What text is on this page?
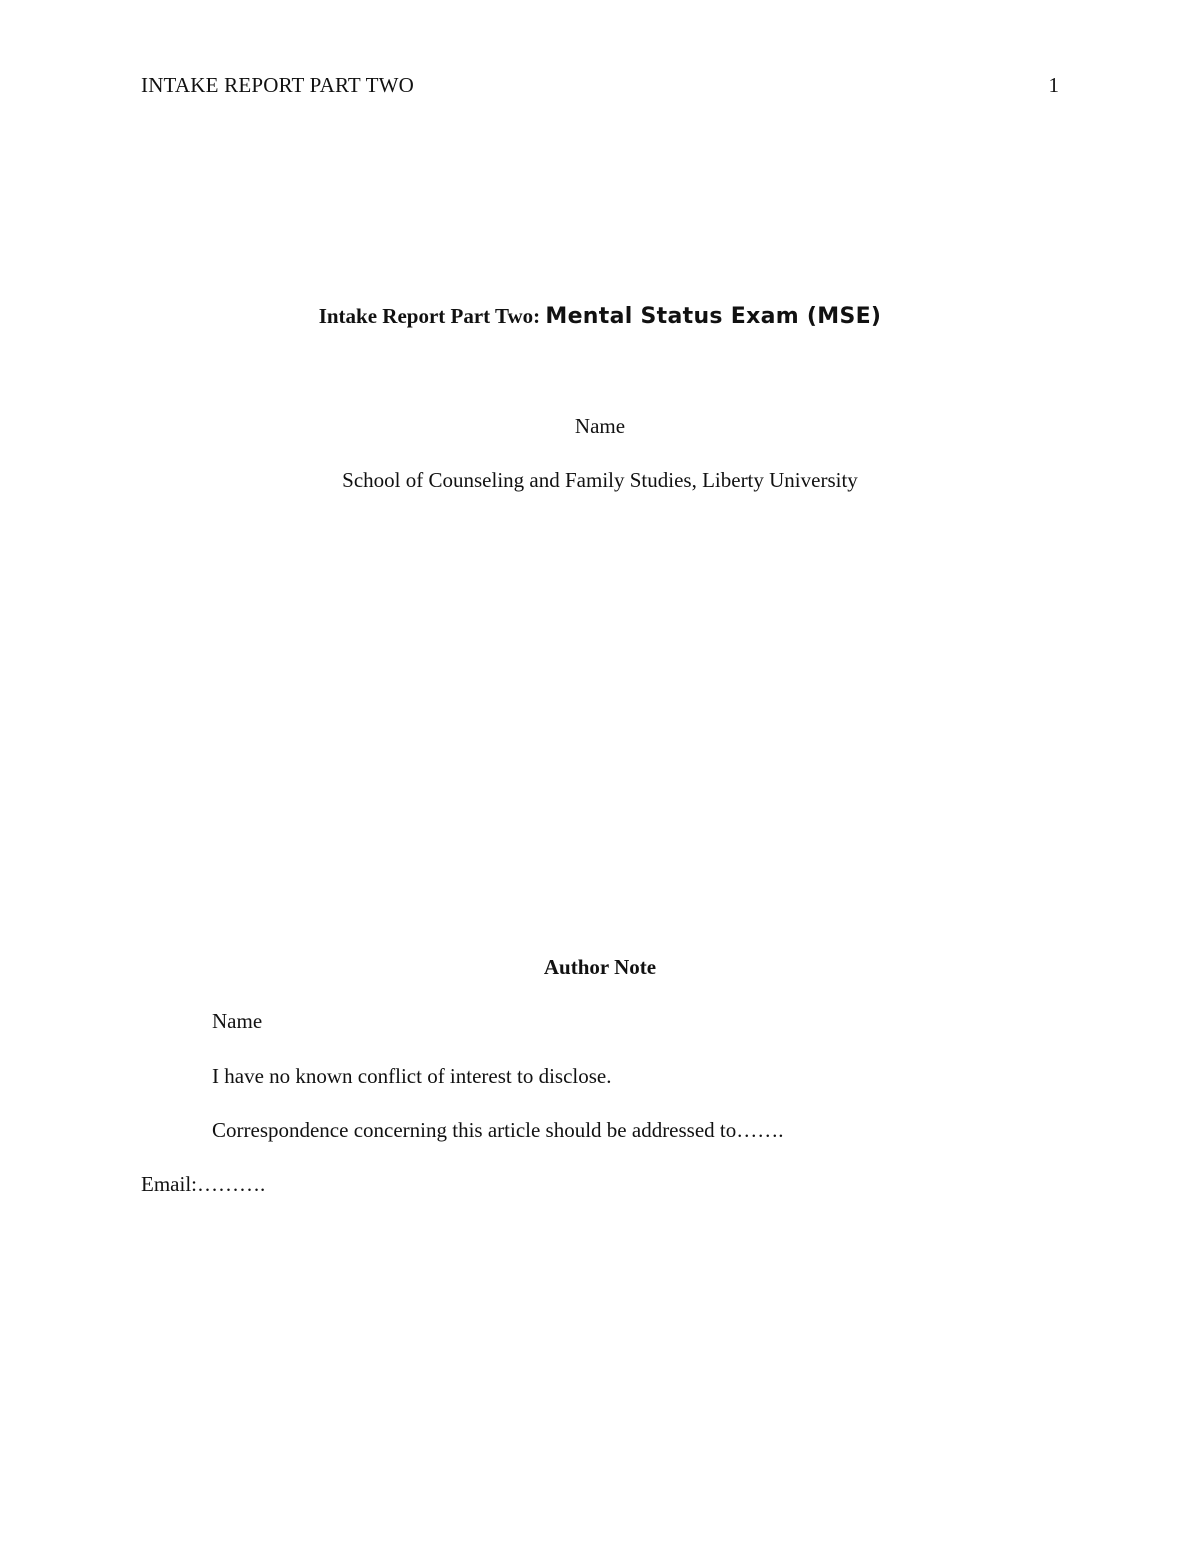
INTAKE REPORT PART TWO	1
Intake Report Part Two: Mental Status Exam (MSE)
Name
School of Counseling and Family Studies, Liberty University
Author Note
Name
I have no known conflict of interest to disclose.
Correspondence concerning this article should be addressed to…….
Email:……….
